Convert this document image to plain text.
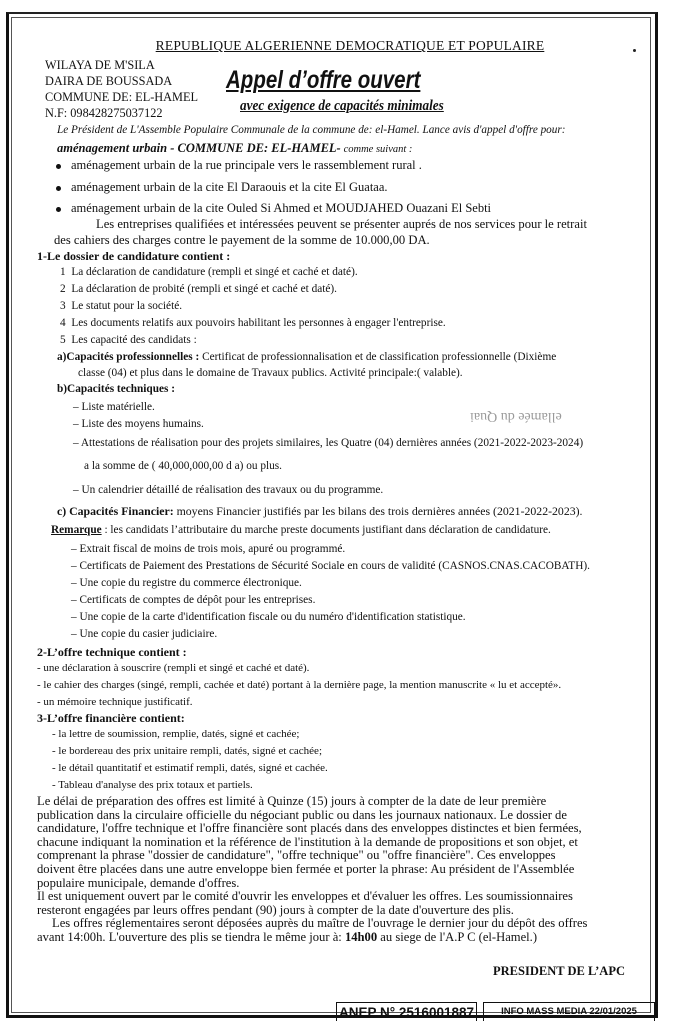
REPUBLIQUE ALGERIENNE DEMOCRATIQUE ET POPULAIRE
WILAYA DE M'SILA
DAIRA DE BOUSSADA
COMMUNE DE: EL-HAMEL
N.F: 098428275037122
Appel d’offre ouvert
avec exigence de capacités minimales
Le Président de L'Assemble Populaire Communale de la commune de: el-Hamel. Lance avis d'appel d'offre pour:
aménagement urbain - COMMUNE DE: EL-HAMEL- comme suivant :
aménagement urbain de la rue principale vers le rassemblement rural .
aménagement urbain de la cite El Daraouis et la cite El Guataa.
aménagement urbain de la cite Ouled Si Ahmed et MOUDJAHED Ouazani El Sebti
Les entreprises qualifiées et intéressées peuvent se présenter auprés de nos services pour le retrait
des cahiers des charges contre le payement de la somme de 10.000,00 DA.
1-Le dossier de candidature contient :
1 La déclaration de candidature (rempli et singé et caché et daté).
2 La déclaration de probité (rempli et singé et caché et daté).
3 Le statut pour la société.
4 Les documents relatifs aux pouvoirs habilitant les personnes à engager l'entreprise.
5 Les capacité des candidats :
a)Capacités professionnelles : Certificat de professionnalisation et de classification professionnelle (Dixième
classe (04) et plus dans le domaine de Travaux publics. Activité principale:( valable).
b)Capacités techniques :
– Liste matérielle.
– Liste des moyens humains.	ellamée du Quai
– Attestations de réalisation pour des projets similaires, les Quatre (04) dernières années (2021-2022-2023-2024)
a la somme de ( 40,000,000,00 d a) ou plus.
– Un calendrier détaillé de réalisation des travaux ou du programme.
c) Capacités Financier: moyens Financier justifiés par les bilans des trois dernières années (2021-2022-2023).
Remarque : les candidats l’attributaire du marche preste documents justifiant dans déclaration de candidature.
– Extrait fiscal de moins de trois mois, apuré ou programmé.
– Certificats de Paiement des Prestations de Sécurité Sociale en cours de validité (CASNOS.CNAS.CACOBATH).
– Une copie du registre du commerce électronique.
– Certificats de comptes de dépôt pour les entreprises.
– Une copie de la carte d'identification fiscale ou du numéro d'identification statistique.
– Une copie du casier judiciaire.
2-L’offre technique contient :
- une déclaration à souscrire (rempli et singé et caché et daté).
- le cahier des charges (singé, rempli, cachée et daté) portant à la dernière page, la mention manuscrite « lu et accepté».
- un mémoire technique justificatif.
3-L’offre financière contient:
- la lettre de soumission, remplie, datés, signé et cachée;
- le bordereau des prix unitaire rempli, datés, signé et cachée;
- le détail quantitatif et estimatif rempli, datés, signé et cachée.
- Tableau d'analyse des prix totaux et partiels.

Le délai de préparation des offres est limité à Quinze (15) jours à compter de la date de leur première

publication dans la circulaire officielle du négociant public ou dans les journaux nationaux. Le dossier de

candidature, l'offre technique et l'offre financière sont placés dans des enveloppes distinctes et bien fermées,

chacune indiquant la nomination et la référence de l'institution à la demande de propositions et son objet, et

comprenant la phrase "dossier de candidature", "offre technique" ou "offre financière". Ces enveloppes

doivent être placées dans une autre enveloppe bien fermée et porter la phrase: Au président de l'Assemblée

populaire municipale, demande d'offres.

Il est uniquement ouvert par le comité d'ouvrir les enveloppes et d'évaluer les offres. Les soumissionnaires

resteront engagées par leurs offres pendant (90) jours à compter de la date d'ouverture des plis.

Les offres réglementaires seront déposées auprès du maître de l'ouvrage le dernier jour du dépôt des offres

avant 14:00h. L'ouverture des plis se tiendra le même jour à: 14h00 au siege de l'A.P C (el-Hamel.)

PRESIDENT DE L’APC
ANEP N° 2516001887	INFO MASS MEDIA 22/01/2025
